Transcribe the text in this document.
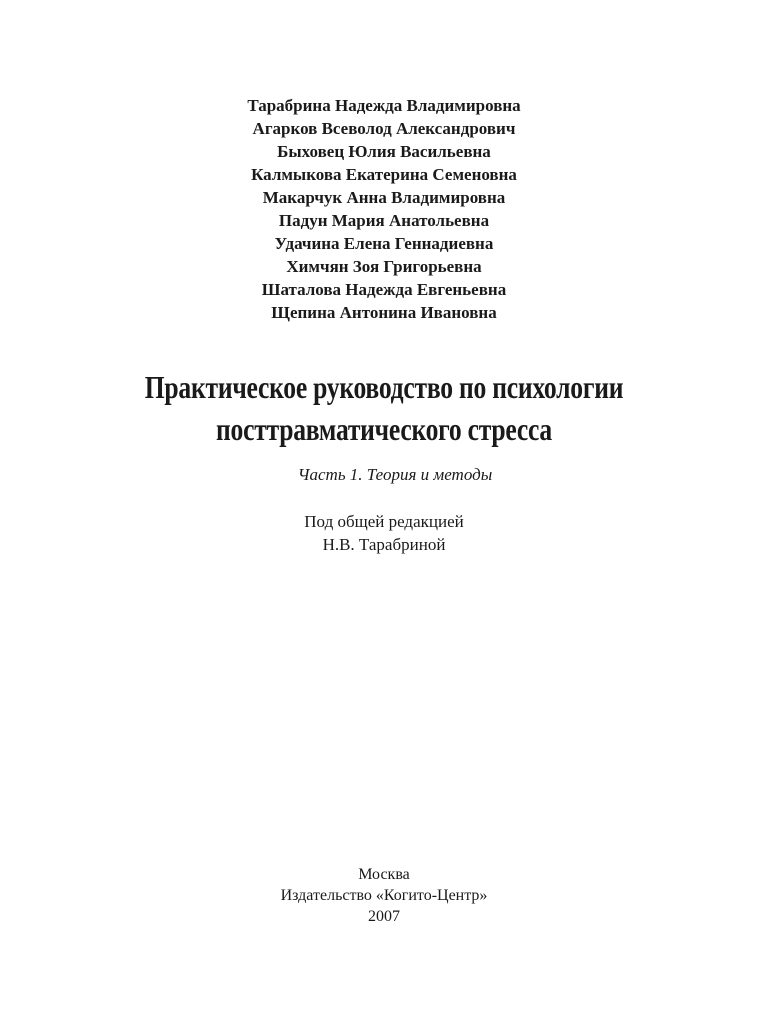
Тарабрина Надежда Владимировна
Агарков Всеволод Александрович
Быховец Юлия Васильевна
Калмыкова Екатерина Семеновна
Макарчук Анна Владимировна
Падун Мария Анатольевна
Удачина Елена Геннадиевна
Химчян Зоя Григорьевна
Шаталова Надежда Евгеньевна
Щепина Антонина Ивановна
Практическое руководство по психологии
посттравматического стресса
Часть 1. Теория и методы
Под общей редакцией
Н.В. Тарабриной
Москва
Издательство «Когито-Центр»
2007
